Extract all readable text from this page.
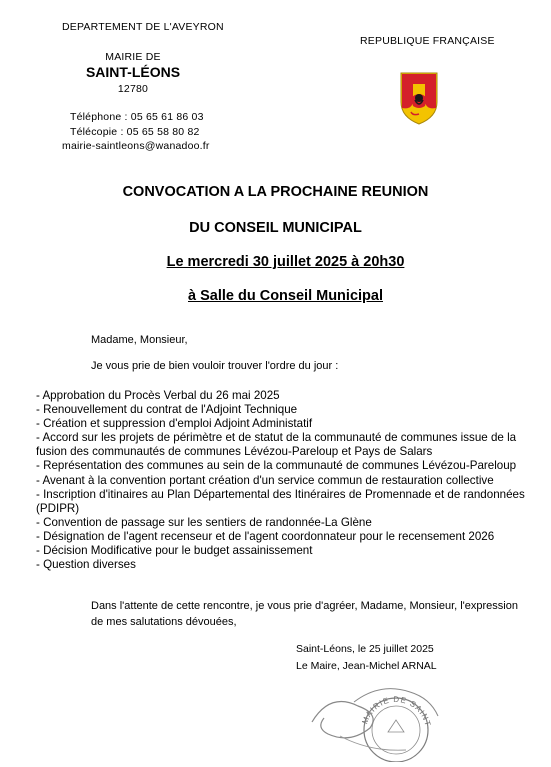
DEPARTEMENT DE L'AVEYRON
MAIRIE DE
SAINT-LÉONS
12780
Téléphone : 05 65 61 86 03
Télécopie : 05 65 58 80 82
mairie-saintleons@wanadoo.fr
REPUBLIQUE FRANÇAISE
CONVOCATION A LA PROCHAINE REUNION
DU CONSEIL MUNICIPAL
Le mercredi 30 juillet 2025 à 20h30
à Salle du Conseil Municipal
Madame, Monsieur,
Je vous prie de bien vouloir trouver l'ordre du jour :
- Approbation du Procès Verbal du 26 mai 2025
- Renouvellement du contrat de l'Adjoint Technique
- Création et suppression d'emploi Adjoint Administatif
- Accord sur les projets de périmètre et de statut de la communauté de communes issue de la
fusion des communautés de communes Lévézou-Pareloup et Pays de Salars
- Représentation des communes au sein de la communauté de communes Lévézou-Pareloup
- Avenant à la convention portant création d'un service commun de restauration collective
- Inscription d'itinaires au Plan Départemental des Itinéraires de Promennade et de randonnées
(PDIPR)
- Convention de passage sur les sentiers de randonnée-La Glène
- Désignation de l'agent recenseur et de l'agent coordonnateur pour le recensement 2026
- Décision Modificative pour le budget assainissement
- Question diverses
Dans l'attente de cette rencontre, je vous prie d'agréer, Madame, Monsieur, l'expression
de mes salutations dévouées,
Saint-Léons, le 25 juillet 2025
Le Maire, Jean-Michel ARNAL
MAIRIE DE SAINT-
